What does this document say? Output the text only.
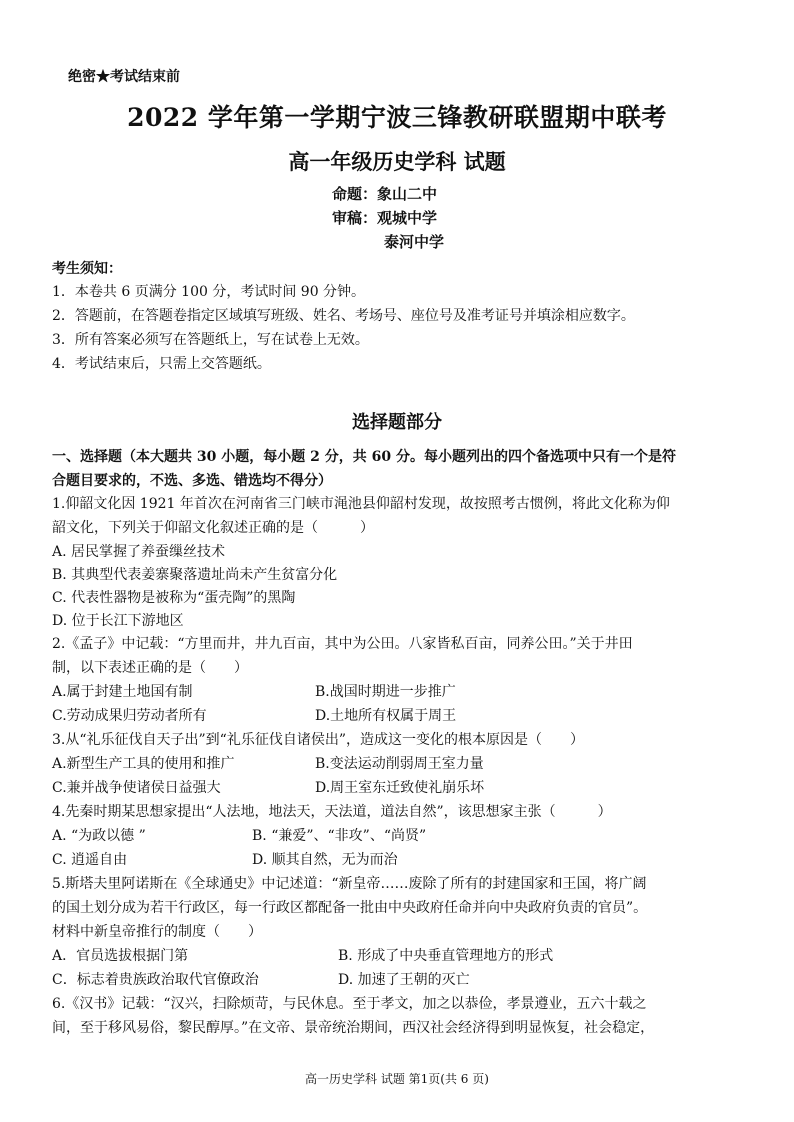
绝密★考试结束前
2022 学年第一学期宁波三锋教研联盟期中联考
高一年级历史学科 试题
命题：象山二中
审稿：观城中学
泰河中学
考生须知：
1．本卷共 6 页满分 100 分，考试时间 90 分钟。
2．答题前，在答题卷指定区域填写班级、姓名、考场号、座位号及准考证号并填涂相应数字。
3．所有答案必须写在答题纸上，写在试卷上无效。
4．考试结束后，只需上交答题纸。
选择题部分
一、选择题（本大题共 30 小题，每小题 2 分，共 60 分。每小题列出的四个备选项中只有一个是符
合题目要求的，不选、多选、错选均不得分）
1.仰韶文化因 1921 年首次在河南省三门峡市渑池县仰韶村发现，故按照考古惯例，将此文化称为仰
韶文化，下列关于仰韶文化叙述正确的是（　　　）
A. 居民掌握了养蚕缫丝技术
B. 其典型代表姜寨聚落遗址尚未产生贫富分化
C. 代表性器物是被称为“蛋壳陶”的黑陶
D. 位于长江下游地区
2.《孟子》中记载：“方里而井，井九百亩，其中为公田。八家皆私百亩，同养公田。”关于井田
制，以下表述正确的是（　　）
A.属于封建土地国有制	B.战国时期进一步推广
C.劳动成果归劳动者所有	D.土地所有权属于周王
3.从“礼乐征伐自天子出”到“礼乐征伐自诸侯出”，造成这一变化的根本原因是（　　）
A.新型生产工具的使用和推广	B.变法运动削弱周王室力量
C.兼并战争使诸侯日益强大	D.周王室东迁致使礼崩乐坏
4.先秦时期某思想家提出“人法地，地法天，天法道，道法自然”，该思想家主张（　　　）
A. “为政以德 ”	B. “兼爱”、“非攻”、“尚贤”
C. 逍遥自由	D. 顺其自然，无为而治
5.斯塔夫里阿诺斯在《全球通史》中记述道：“新皇帝……废除了所有的封建国家和王国，将广阔
的国土划分成为若干行政区，每一行政区都配备一批由中央政府任命并向中央政府负责的官员”。
材料中新皇帝推行的制度（　　）
A．官员选拔根据门第	B. 形成了中央垂直管理地方的形式
C．标志着贵族政治取代官僚政治	D. 加速了王朝的灭亡
6.《汉书》记载：“汉兴，扫除烦苛，与民休息。至于孝文，加之以恭俭，孝景遵业，五六十载之
间，至于移风易俗，黎民醇厚。”在文帝、景帝统治期间，西汉社会经济得到明显恢复，社会稳定，
高一历史学科 试题 第1页(共 6 页)
